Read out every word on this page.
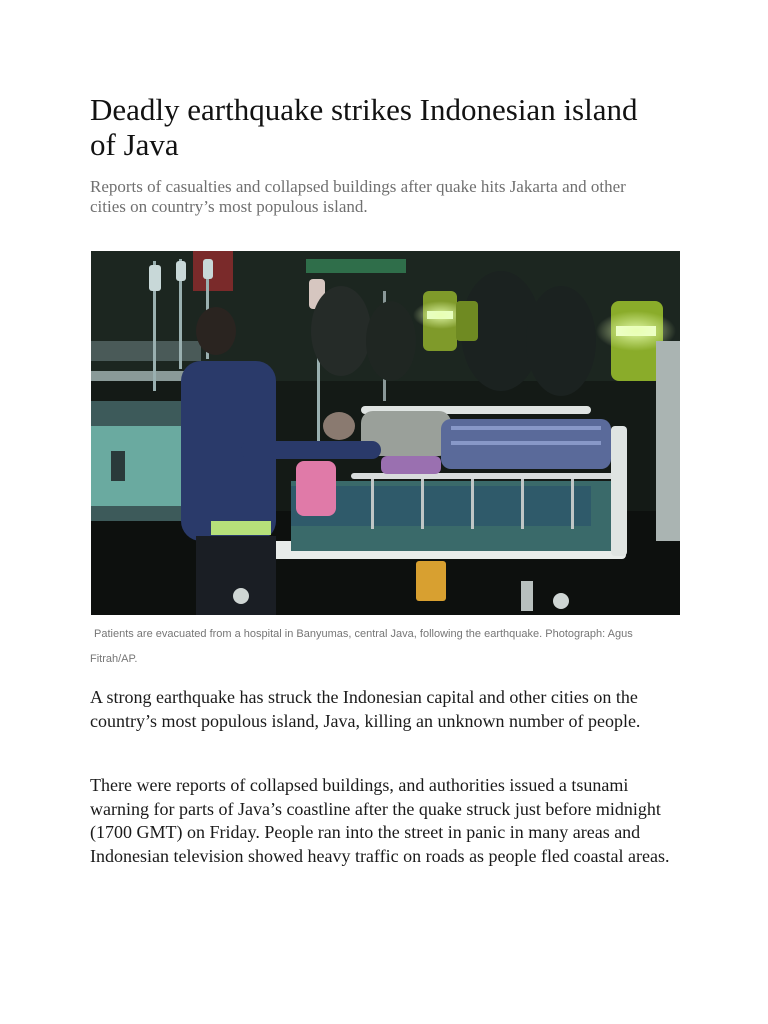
Deadly earthquake strikes Indonesian island of Java

Reports of casualties and collapsed buildings after quake hits Jakarta and other cities on country’s most populous island.

Patients are evacuated from a hospital in Banyumas, central Java, following the earthquake. Photograph: Agus Fitrah/AP.

A strong earthquake has struck the Indonesian capital and other cities on the country’s most populous island, Java, killing an unknown number of people.

There were reports of collapsed buildings, and authorities issued a tsunami warning for parts of Java’s coastline after the quake struck just before midnight (1700 GMT) on Friday. People ran into the street in panic in many areas and Indonesian television showed heavy traffic on roads as people fled coastal areas.
